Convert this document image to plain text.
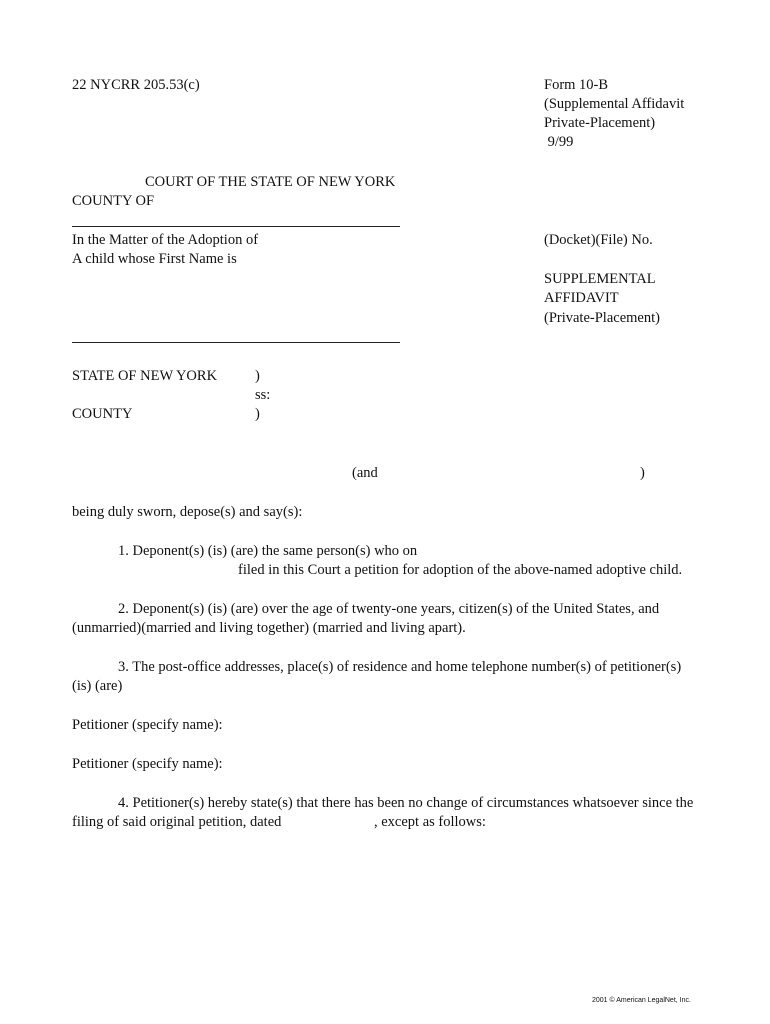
22 NYCRR 205.53(c)	Form 10-B
(Supplemental Affidavit
Private-Placement)
9/99
COURT OF THE STATE OF NEW YORK
COUNTY OF
In the Matter of the Adoption of
A child whose First Name is
(Docket)(File) No.
SUPPLEMENTAL
AFFIDAVIT
(Private-Placement)
STATE OF NEW YORK
COUNTY
)
ss:
)
(and	)
being duly sworn, depose(s) and say(s):
1. Deponent(s) (is) (are) the same person(s) who on
filed in this Court a petition for adoption of the above-named adoptive child.
2. Deponent(s) (is) (are) over the age of twenty-one years, citizen(s) of the United States, and
(unmarried)(married and living together) (married and living apart).
3. The post-office addresses, place(s) of residence and home telephone number(s) of petitioner(s)
(is) (are)
Petitioner (specify name):
Petitioner (specify name):
4. Petitioner(s) hereby state(s) that there has been no change of circumstances whatsoever since the
filing of said original petition, dated	, except as follows:
2001 © American LegalNet, Inc.
